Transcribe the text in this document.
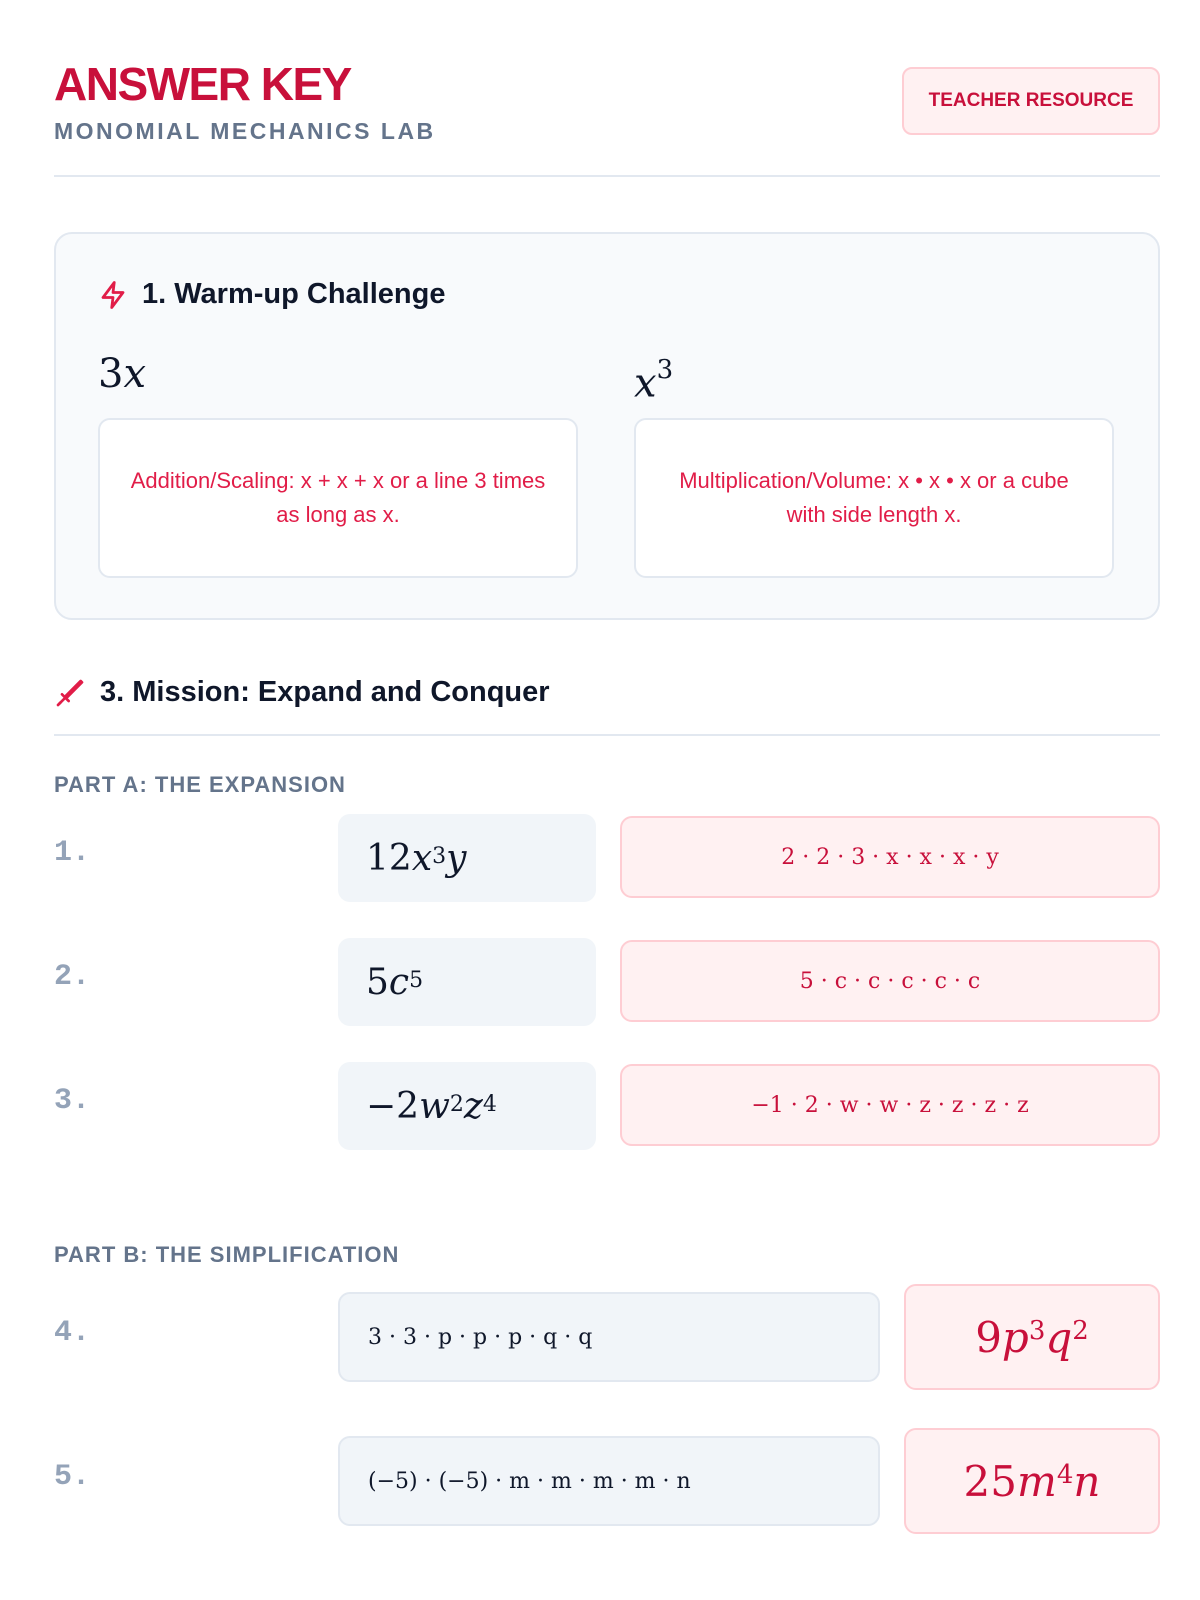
ANSWER KEY
MONOMIAL MECHANICS LAB
TEACHER RESOURCE
1. Warm-up Challenge
3x
Addition/Scaling: x + x + x or a line 3 times as long as x.
$x^3$
Multiplication/Volume: x • x • x or a cube with side length x.
3. Mission: Expand and Conquer
PART A: THE EXPANSION
1.	12 $x^3$ y	2 · 2 · 3 · x · x · x · y
2.	5 $c^5$	5 · c · c · c · c · c
3.	−2 $w^2$ $z^4$	−1 · 2 · w · w · z · z · z · z
PART B: THE SIMPLIFICATION
4.	3 · 3 · p · p · p · q · q	9 $p^3$ $q^2$
5.	(−5) · (−5) · m · m · m · m · n	25 $m^4$ n
